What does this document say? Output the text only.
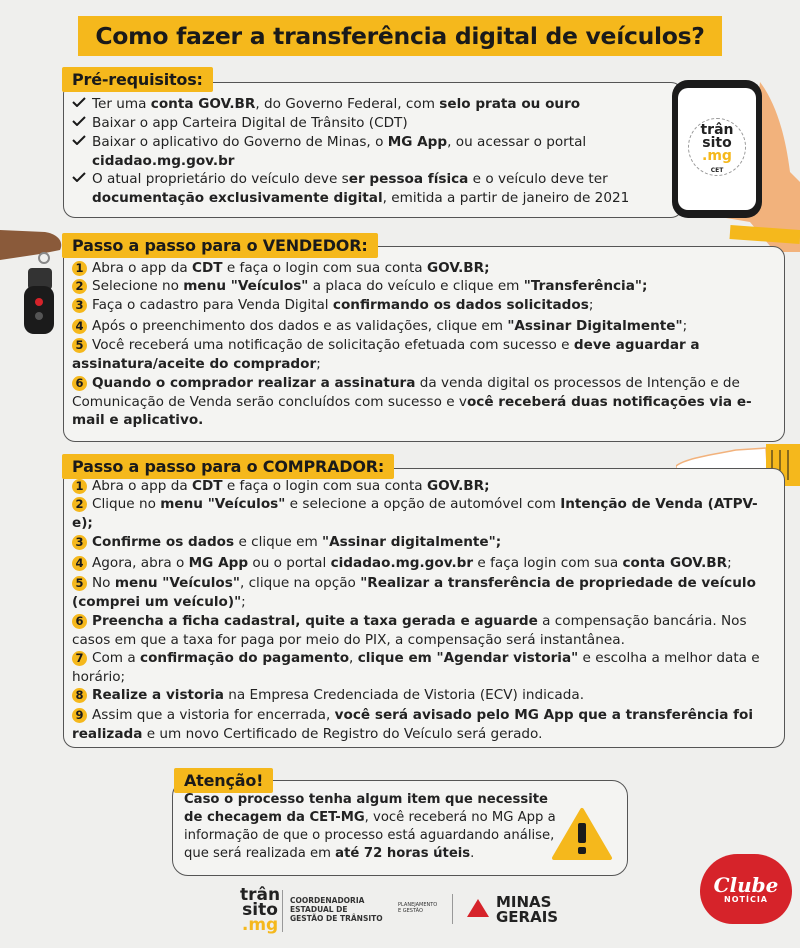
Como fazer a transferência digital de veículos?
Pré-requisitos:
Ter uma conta GOV.BR, do Governo Federal, com selo prata ou ouro
Baixar o app Carteira Digital de Trânsito (CDT)
Baixar o aplicativo do Governo de Minas, o MG App, ou acessar o portal
cidadao.mg.gov.br
O atual proprietário do veículo deve ser pessoa física e o veículo deve ter
documentação exclusivamente digital, emitida a partir de janeiro de 2021
trân
sito
.mg
CET
Passo a passo para o VENDEDOR:
1 Abra o app da CDT e faça o login com sua conta GOV.BR;
2 Selecione no menu "Veículos" a placa do veículo e clique em "Transferência";
3 Faça o cadastro para Venda Digital confirmando os dados solicitados;
4 Após o preenchimento dos dados e as validações, clique em "Assinar Digitalmente";
5 Você receberá uma notificação de solicitação efetuada com sucesso e deve aguardar a assinatura/aceite do comprador;
6 Quando o comprador realizar a assinatura da venda digital os processos de Intenção e de Comunicação de Venda serão concluídos com sucesso e você receberá duas notificações via e-mail e aplicativo.
Passo a passo para o COMPRADOR:
1 Abra o app da CDT e faça o login com sua conta GOV.BR;
2 Clique no menu "Veículos" e selecione a opção de automóvel com Intenção de Venda (ATPV-e);
3 Confirme os dados e clique em "Assinar digitalmente";
4 Agora, abra o MG App ou o portal cidadao.mg.gov.br e faça login com sua conta GOV.BR;
5 No menu "Veículos", clique na opção "Realizar a transferência de propriedade de veículo (comprei um veículo)";
6 Preencha a ficha cadastral, quite a taxa gerada e aguarde a compensação bancária. Nos casos em que a taxa for paga por meio do PIX, a compensação será instantânea.
7 Com a confirmação do pagamento, clique em "Agendar vistoria" e escolha a melhor data e horário;
8 Realize a vistoria na Empresa Credenciada de Vistoria (ECV) indicada.
9 Assim que a vistoria for encerrada, você será avisado pelo MG App que a transferência foi realizada e um novo Certificado de Registro do Veículo será gerado.
Atenção!
Caso o processo tenha algum item que necessite de checagem da CET-MG, você receberá no MG App a informação de que o processo está aguardando análise, que será realizada em até 72 horas úteis.
trân
sito
.mg
COORDENADORIA
ESTADUAL DE
GESTÃO DE TRÂNSITO
PLANEJAMENTO
E GESTÃO	MINAS
GERAIS
Clube
NOTÍCIA
